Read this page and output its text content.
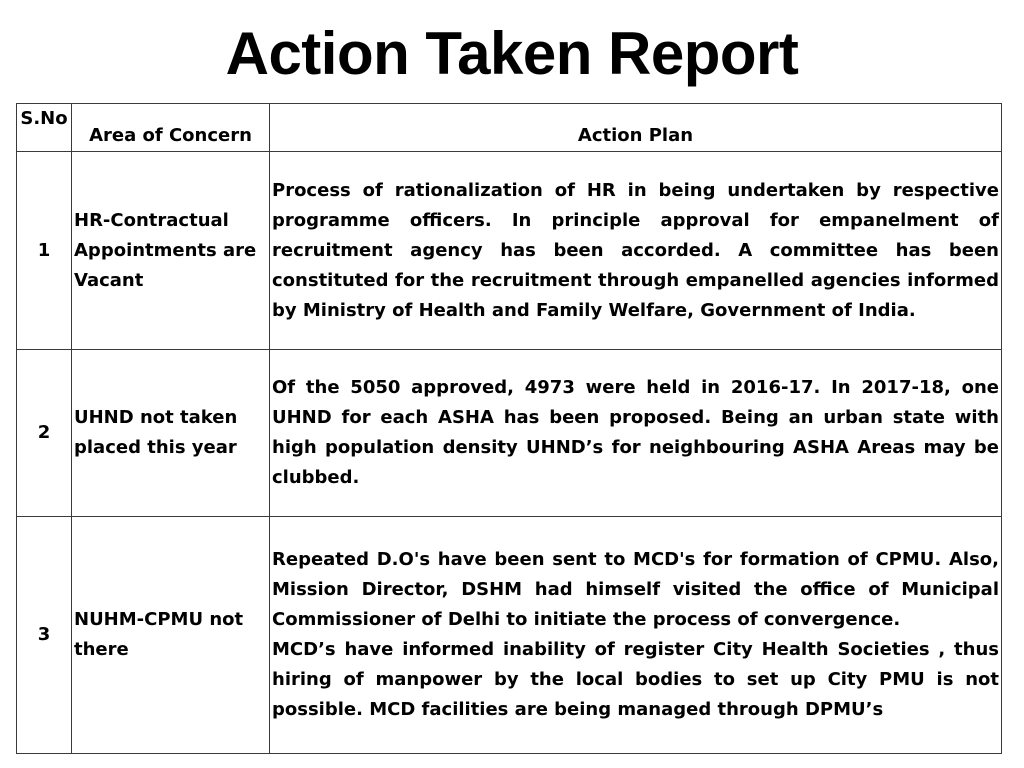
Action Taken Report
S.No	Area of Concern	Action Plan
1	HR-Contractual Appointments are Vacant	Process of rationalization of HR in being undertaken by respective programme officers. In principle approval for empanelment of recruitment agency has been accorded. A committee has been constituted for the recruitment through empanelled agencies informed by Ministry of Health and Family Welfare, Government of India.

2	UHND not taken placed this year	Of the 5050 approved, 4973 were held in 2016-17. In 2017-18, one UHND for each ASHA has been proposed. Being an urban state with high population density UHND’s for neighbouring ASHA Areas may be clubbed.

3	NUHM-CPMU not there	Repeated D.O's have been sent to MCD's for formation of CPMU. Also, Mission Director, DSHM had himself visited the office of Municipal Commissioner of Delhi to initiate the process of convergence.
MCD’s have informed inability of register City Health Societies , thus hiring of manpower by the local bodies to set up City PMU is not possible. MCD facilities are being managed through DPMU’s
